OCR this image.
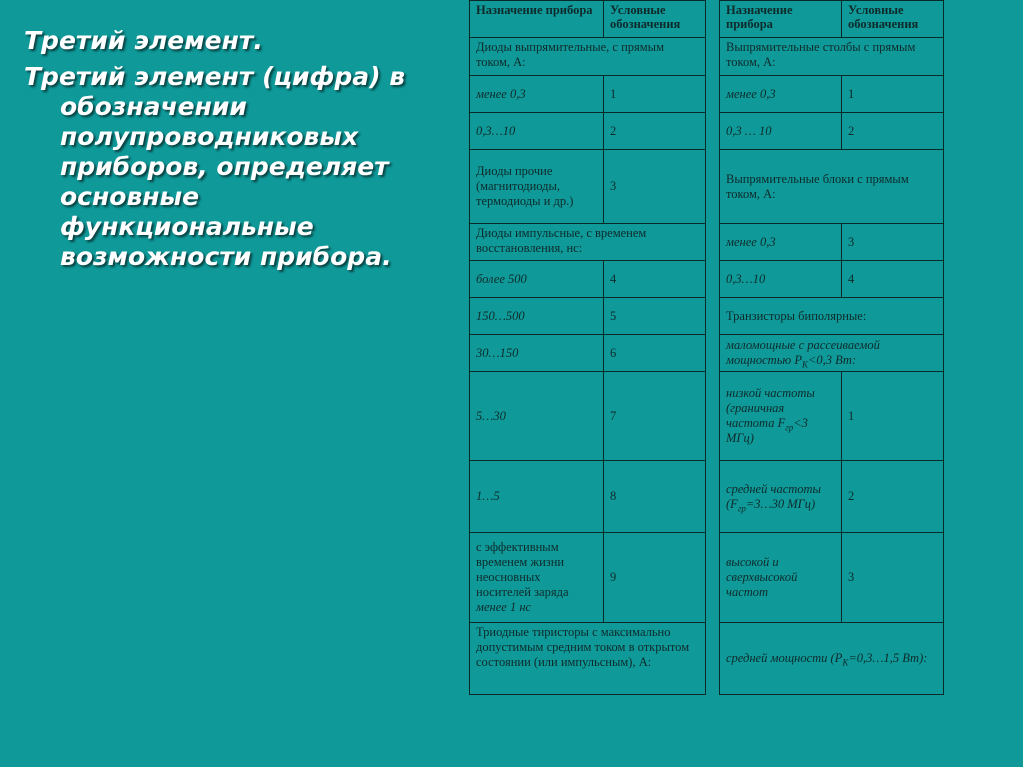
Третий элемент.

Третий элемент (цифра) в обозначении полупроводниковых приборов, определяет основные функциональные возможности прибора.

Назначение прибора	Условные обозначения		Назначение прибора	Условные обозначения
Диоды выпрямительные, с прямым током, А:			Выпрямительные столбы с прямым током, А:	
менее 0,3	1		менее 0,3	1
0,3…10	2		0,3 … 10	2
Диоды прочие (магнитодиоды, термодиоды и др.)	3		Выпрямительные блоки с прямым током, А:	

Диоды импульсные, с временем восстановления, нс:			менее 0,3	3
более 500	4		0,3…10	4
150…500	5		Транзисторы биполярные:	
30…150	6		маломощные с рассеиваемой мощностью $P_К<0,3$ Вт:	
5…30	7		низкой частоты (граничная частота $F_{гр}<3$ МГц)	1
1…5	8		средней частоты ($F_{гр}=3\dots 30$ МГц)	2
с эффективным временем жизни неосновных носителей заряда
менее 1 нс	9		высокой и сверхвысокой частот	3
Триодные тиристоры с максимально допустимым средним током в открытом состоянии (или импульсным), А:			средней мощности ($P_К=0,3\dots 1,5$ Вт):	
